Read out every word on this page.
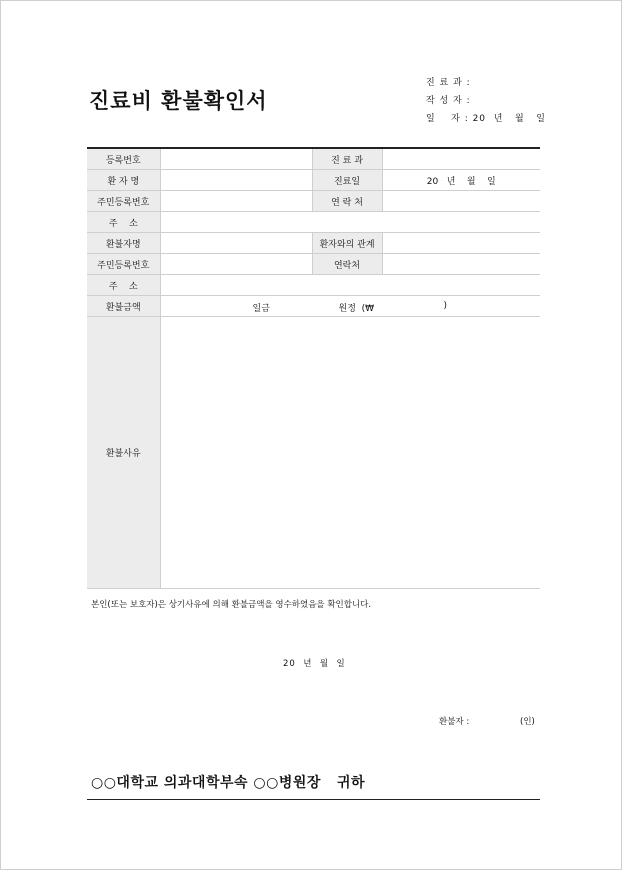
진료비 환불확인서
진 료 과 :
작 성 자 :
일    자 : 20  년   월   일
등록번호		진 료 과	
환 자 명		진료일	20   년    월    일
주민등록번호		연 락 처	
주    소			
환불자명		환자와의 관계	
주민등록번호		연락처	
주    소			
환불금액	일금 원정  (₩ )		

환불사유			
본인(또는 보호자)은 상기사유에 의해 환불금액을 영수하였음을 확인합니다.
20  년  월  일
환불자 :	(인)
○○대학교 의과대학부속 ○○병원장   귀하
